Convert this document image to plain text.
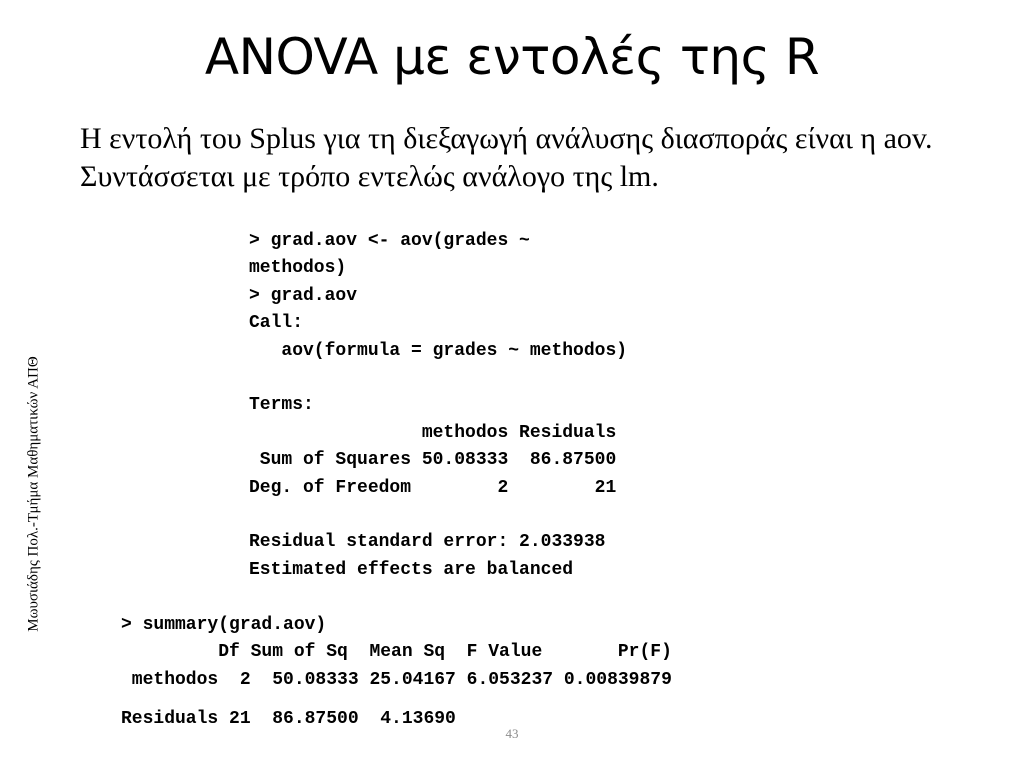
ANOVA με εντολές της R

Η εντολή του Splus για τη διεξαγωγή ανάλυσης διασποράς είναι η aov. Συντάσσεται με τρόπο εντελώς ανάλογο της lm.

> grad.aov <- aov(grades ~
methodos)
> grad.aov
Call:
aov(formula = grades ~ methodos)

Terms:
methodos Residuals
Sum of Squares 50.08333  86.87500
Deg. of Freedom        2        21

Residual standard error: 2.033938
Estimated effects are balanced
> summary(grad.aov)
Df Sum of Sq  Mean Sq  F Value       Pr(F)
methodos  2  50.08333 25.04167 6.053237 0.00839879
Residuals 21  86.87500  4.13690
Μωυσιάδης Πολ.-Τμήμα Μαθηματικών ΑΠΘ
43
